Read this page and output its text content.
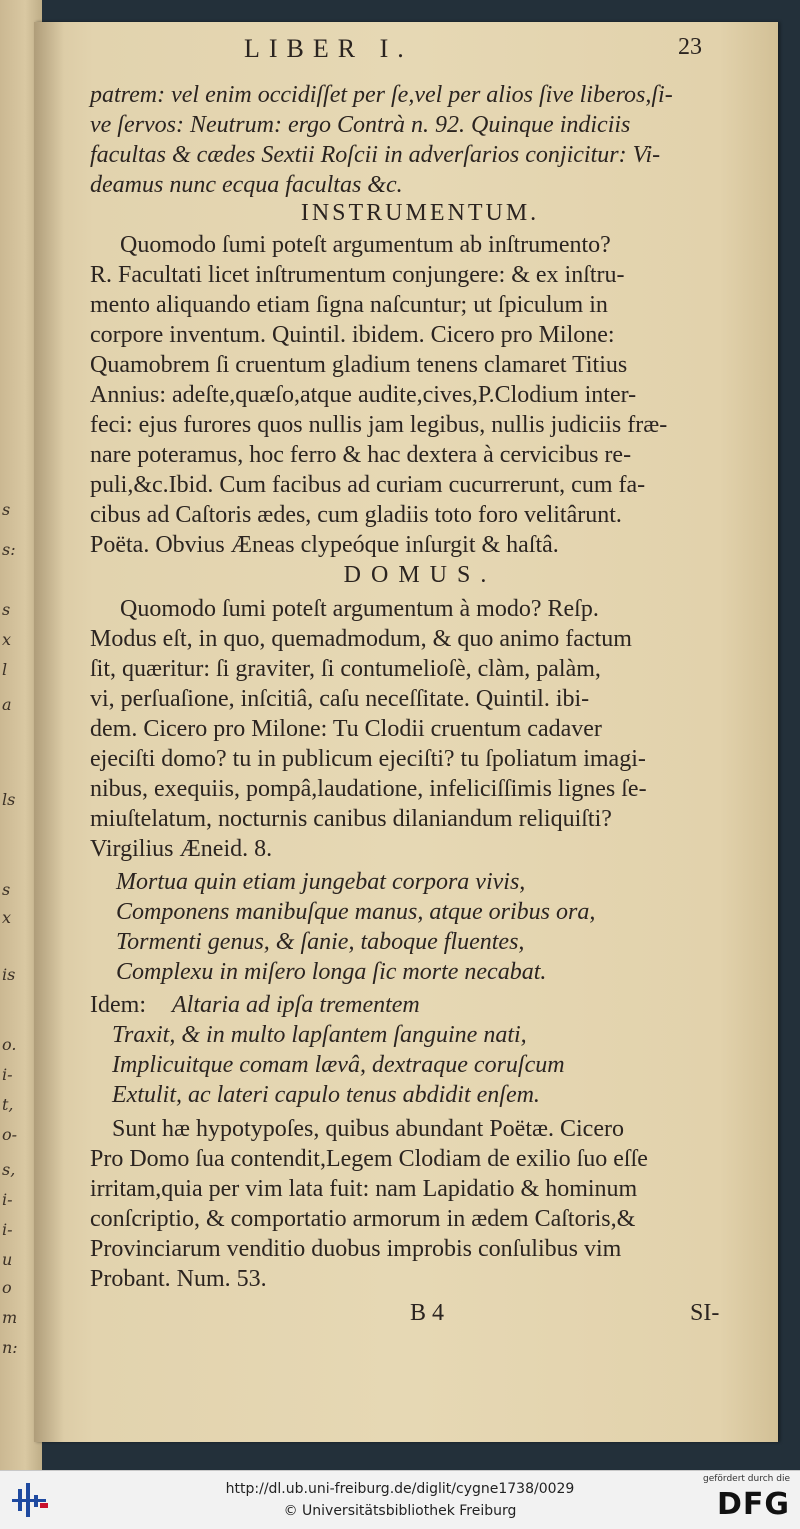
s
s:
s
x
l
a
ls
s
x
is
o.
i-
t,
o-
s,
i-
i-
u
o
m
n:
LIBER I.	23
patrem: vel enim occidiſſet per ſe,vel per alios ſive liberos,ſi-
ve ſervos: Neutrum: ergo Contrà n. 92. Quinque indiciis
facultas & cædes Sextii Roſcii in adverſarios conjicitur: Vi-
deamus nunc ecqua facultas &c.
INSTRUMENTUM.
Quomodo ſumi poteſt argumentum ab inſtrumento?
R. Facultati licet inſtrumentum conjungere: & ex inſtru-
mento aliquando etiam ſigna naſcuntur; ut ſpiculum in
corpore inventum. Quintil. ibidem. Cicero pro Milone:
Quamobrem ſi cruentum gladium tenens clamaret Titius
Annius: adeſte,quæſo,atque audite,cives,P.Clodium inter-
feci: ejus furores quos nullis jam legibus, nullis judiciis fræ-
nare poteramus, hoc ferro & hac dextera à cervicibus re-
puli,&c.Ibid. Cum facibus ad curiam cucurrerunt, cum fa-
cibus ad Caſtoris ædes, cum gladiis toto foro velitârunt.
Poëta. Obvius Æneas clypeóque inſurgit & haſtâ.
DOMUS.
Quomodo ſumi poteſt argumentum à modo? Reſp.
Modus eſt, in quo, quemadmodum, & quo animo factum
ſit, quæritur: ſi graviter, ſi contumelioſè, clàm, palàm,
vi, perſuaſione, inſcitiâ, caſu neceſſitate. Quintil. ibi-
dem. Cicero pro Milone: Tu Clodii cruentum cadaver
ejeciſti domo? tu in publicum ejeciſti? tu ſpoliatum imagi-
nibus, exequiis, pompâ,laudatione, infeliciſſimis lignes ſe-
miuſtelatum, nocturnis canibus dilaniandum reliquiſti?
Virgilius Æneid. 8.
Mortua quin etiam jungebat corpora vivis,
Componens manibuſque manus, atque oribus ora,
Tormenti genus, & ſanie, taboque fluentes,
Complexu in miſero longa ſic morte necabat.
Idem: Altaria ad ipſa trementem
Traxit, & in multo lapſantem ſanguine nati,
Implicuitque comam lævâ, dextraque coruſcum
Extulit, ac lateri capulo tenus abdidit enſem.
Sunt hæ hypotypoſes, quibus abundant Poëtæ. Cicero
Pro Domo ſua contendit,Legem Clodiam de exilio ſuo eſſe
irritam,quia per vim lata fuit: nam Lapidatio & hominum
conſcriptio, & comportatio armorum in ædem Caſtoris,&
Provinciarum venditio duobus improbis conſulibus vim
Probant. Num. 53.
B 4	SI-
http://dl.ub.uni-freiburg.de/diglit/cygne1738/0029
© Universitätsbibliothek Freiburg
gefördert durch die
DFG
